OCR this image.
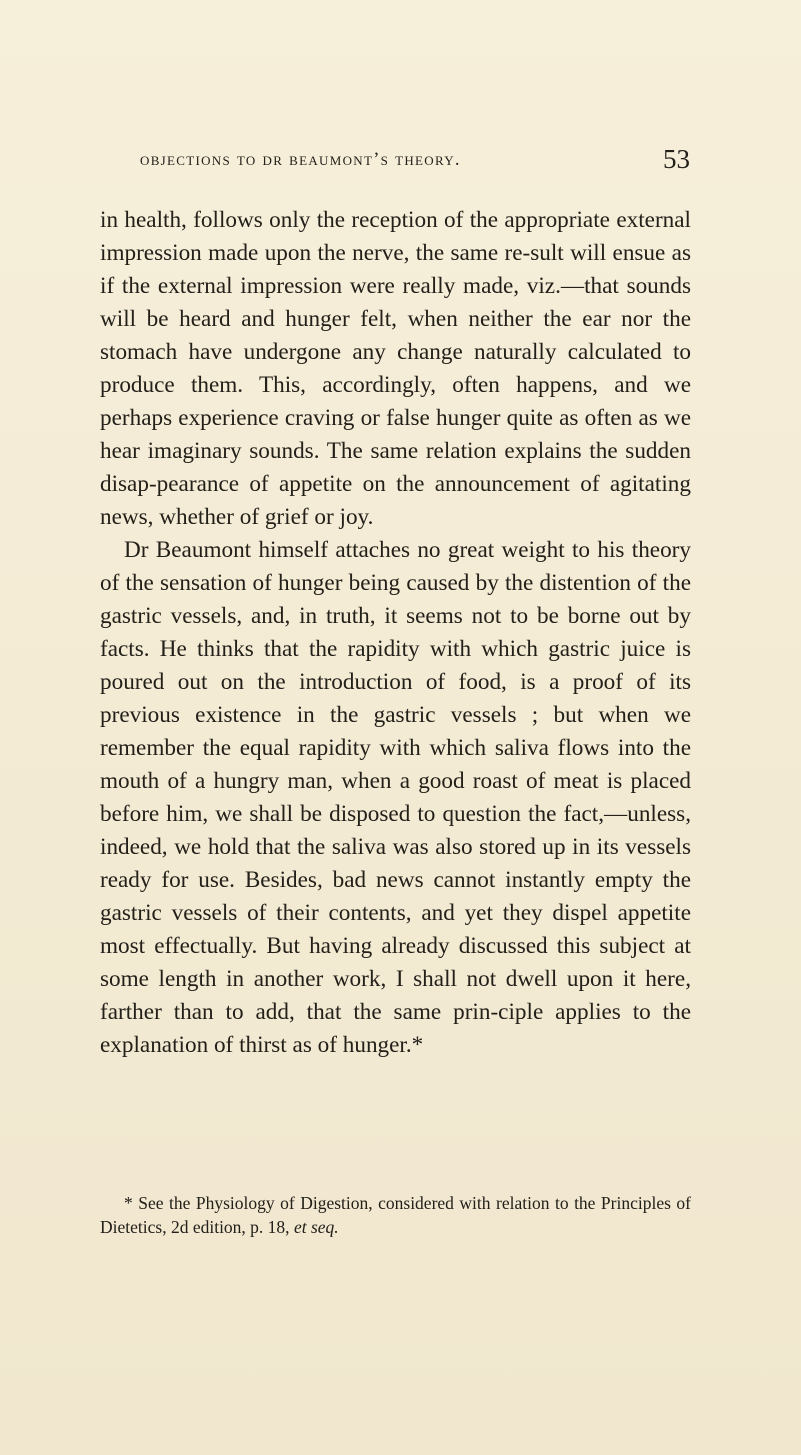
objections to dr beaumont’s theory.	53

in health, follows only the reception of the appropriate external impression made upon the nerve, the same re-sult will ensue as if the external impression were really made, viz.—that sounds will be heard and hunger felt, when neither the ear nor the stomach have undergone any change naturally calculated to produce them. This, accordingly, often happens, and we perhaps experience craving or false hunger quite as often as we hear imaginary sounds. The same relation explains the sudden disap-pearance of appetite on the announcement of agitating news, whether of grief or joy.

Dr Beaumont himself attaches no great weight to his theory of the sensation of hunger being caused by the distention of the gastric vessels, and, in truth, it seems not to be borne out by facts. He thinks that the rapidity with which gastric juice is poured out on the introduction of food, is a proof of its previous existence in the gastric vessels ; but when we remember the equal rapidity with which saliva flows into the mouth of a hungry man, when a good roast of meat is placed before him, we shall be disposed to question the fact,—unless, indeed, we hold that the saliva was also stored up in its vessels ready for use. Besides, bad news cannot instantly empty the gastric vessels of their contents, and yet they dispel appetite most effectually. But having already discussed this subject at some length in another work, I shall not dwell upon it here, farther than to add, that the same prin-ciple applies to the explanation of thirst as of hunger.*

* See the Physiology of Digestion, considered with relation to the Principles of Dietetics, 2d edition, p. 18, et seq.
